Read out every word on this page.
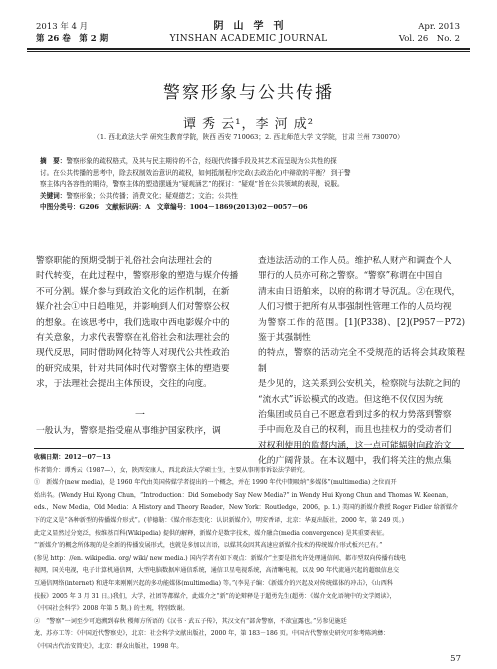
2013 年 4 月
第 26 卷　第 2 期
阴　山　学　刊
YINSHAN ACADEMIC JOURNAL
Apr. 2013
Vol. 26　No. 2
警察形象与公共传播
谭 秀 云¹，李 河 成²
（1. 西北政法大学 研究生教育学院，陕西 西安 710063；2. 西北师范大学 文学院，甘肃 兰州 730070）
摘　要：警察形象的疏权格式，及其与民主期待的不合，经现代传播手段及其艺术而呈现为公共性的探
讨。在公共传播的思考中，除去权制效治意识的疏权，如何抵制程序完政(去政治化)中辩欲的平衡？ 到于警
察主体内各容性的期待，警察主体的塑造摆通为“疑观涵艺”的探讨：“疑观”旨在公共领域的表现，说服。
关键词：警察形象；公共传播；消费文化；疑观德艺；文治；公共性
中图分类号：G206　文献标识码：A　文章编号：1004－1869(2013)02－0057－06

警察职能的预期受制于礼俗社会向法理社会的

时代转变，在此过程中，警察形象的塑造与媒介传播

不可分割。媒介参与到政治文化的运作机制，在新

媒介社会①中日趋唯见，并影响到人们对警察公权

的想象。在该思考中，我们选取中西电影媒介中的

有关意象，力求代表警察在礼俗社会和法理社会的

现代反思，同时借助网化特等人对现代公共性政治

的研究成果，针对共同体时代对警察主体的塑造要

求，于法理社会提出主体预设，交往的向度。

一
一般认为，警察是指受雇从事维护国家秩序，调

查违法活动的工作人员。维护私人财产和调查个人

罪行的人员亦可称之警察。“警察”称谓在中国自

清末由日语舶来，以府的称谓才导沉乱。②在现代，

人们习惯于把所有从事强制性管理工作的人员均视

为警察工作的范围。[1](P338)、[2](P957－P72) 鉴于其强制性

的特点，警察的活动完全不受规范的话将会其政策程制

是少见的，这关系到公安机关，检察院与法院之间的

“流水式”诉讼模式的改造。但这绝不仅仅因为统

治集团或员自己不愿意看到过多的权力势落到警察

手中而危及自己的权利，而且也挂权力的受动者们

对权利使用的监督内涵，这一点可能辐射向政治文

化的广阔背景。在本议题中，我们将关注的焦点集

收稿日期：2012－07－13

作者简介：谭秀云（1987—），女，陕西安康人，西北政法大学硕士生，主要从事刑事诉讼法学研究。

①　新媒介(new media)，是 1960 年代由美国传媒学者提出的一个概念，并在 1990 年代中期吸纳“多媒体”(multimedia) 之位而开

始出名。(Wendy Hui Kyong Chun，“Introduction：Did Somebody Say New Media?” in Wendy Hui Kyong Chun and Thomas W. Keenan，

eds.，New Media，Old Media：A History and Theory Reader，New York：Routledge，2006，p. 1.) 美国的新媒介教授 Roger Fidler 给新媒介

下的定义是“各种新型的传播媒介形式”。(菲德勒：《媒介形态变化：认识新媒介》，明安香译，北京：华夏出版社，2000 年，第 249 页。)

此定义显然过分宽泛，按维基百科(Wikipedia) 提供的解释，新媒介是数字技术，媒介融合(media convergence) 是其重要表征。

“‘新媒介’的概念所体现的是全新的传播发展形式，也就是多加以言语，以媒其众因其高速应新媒介技术的传统媒介形式板兴已有。”

(参见 http：//en. wikipedia. org/ wiki/ new media.) 国内学者有如下观点：新媒介“主要是指允许处理通信间、都市型双向传播有线电

视网，国关电视，电子计算机通信网，大型电脑数据库通信系统，通信卫星电视系统，高清晰电视，以及 90 年代流通兴起的超级信息交

互通信网络(internet) 和进年来刚刚兴起的多功能媒体(multimedia) 等。”(李晃子编：《新媒介的兴起及对传统媒体的冲击》，《山西科

技报》2005 年 3 月 31 日。)我们，大学，社团等都媒介，此媒介之“新”的论辩释是于超勇先生(超勇：《媒介文化语境中的文学阅读》，

《中国社会科学》2008 年第 5 期。) 的主观，特别致谢。

②　“警察”一词至少可追溯到春秋 稷师方所语的《汉书 · 武五子传》，其汉文有“部舍警察，不欲宣露也。”另参见施廷

龙、苏亦工等：《中国近代警察史》，北京：社会科学文献出版社，2000 年，第 183－186 页。中国古代警察史研究可参考陈鸿彝：

《中国古代治安简史》，北京：群众出版社，1998 年。

57
